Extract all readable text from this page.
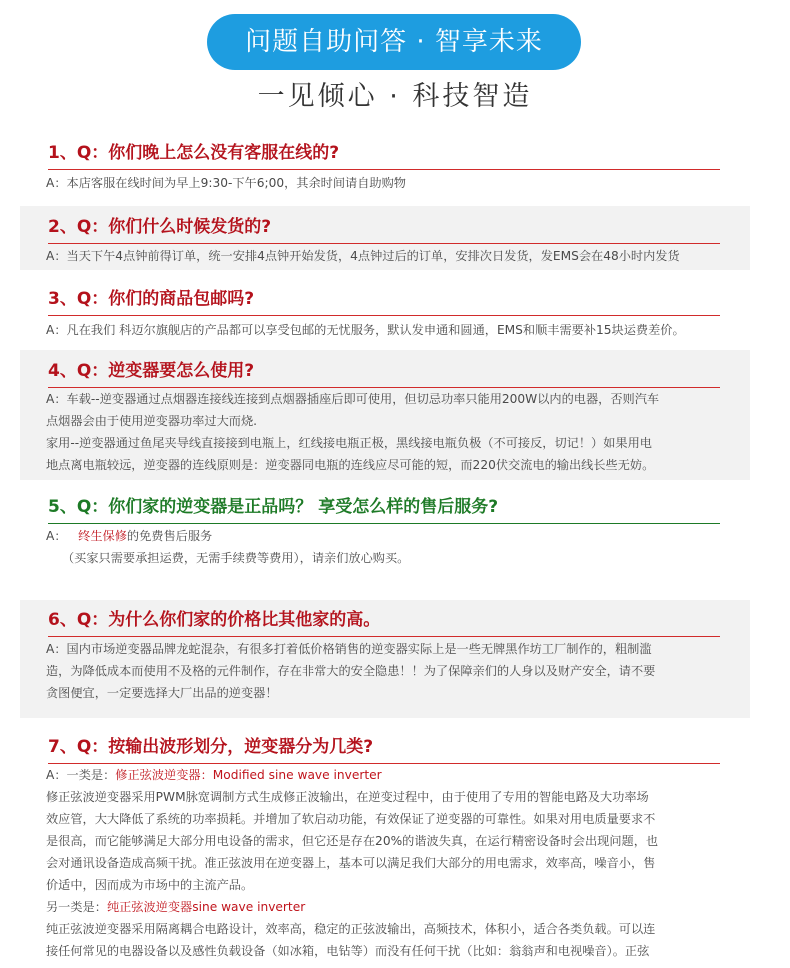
问题自助问答 · 智享未来
一见倾心 · 科技智造
1、Q：你们晚上怎么没有客服在线的?

A：本店客服在线时间为早上9:30-下午6;00，其余时间请自助购物

2、Q：你们什么时候发货的?

A：当天下午4点钟前得订单，统一安排4点钟开始发货，4点钟过后的订单，安排次日发货，发EMS会在48小时内发货

3、Q：你们的商品包邮吗?

A：凡在我们 科迈尔旗舰店的产品都可以享受包邮的无忧服务，默认发申通和圆通，EMS和顺丰需要补15块运费差价。

4、Q：逆变器要怎么使用?

A：车载--逆变器通过点烟器连接线连接到点烟器插座后即可使用，但切忌功率只能用200W以内的电器，否则汽车

点烟器会由于使用逆变器功率过大而烧.

家用--逆变器通过鱼尾夹导线直接接到电瓶上，红线接电瓶正极，黑线接电瓶负极（不可接反，切记！）如果用电

地点离电瓶较远，逆变器的连线原则是：逆变器同电瓶的连线应尽可能的短，而220伏交流电的输出线长些无妨。

5、Q：你们家的逆变器是正品吗？ 享受怎么样的售后服务?

A： 终生保修的免费售后服务

（买家只需要承担运费，无需手续费等费用），请亲们放心购买。

6、Q：为什么你们家的价格比其他家的高。

A：国内市场逆变器品牌龙蛇混杂，有很多打着低价格销售的逆变器实际上是一些无牌黑作坊工厂制作的，粗制滥

造，为降低成本而使用不及格的元件制作，存在非常大的安全隐患！！为了保障亲们的人身以及财产安全，请不要

贪图便宜，一定要选择大厂出品的逆变器！

7、Q：按输出波形划分，逆变器分为几类?

A：一类是：修正弦波逆变器：Modified sine wave inverter

修正弦波逆变器采用PWM脉宽调制方式生成修正波输出，在逆变过程中，由于使用了专用的智能电路及大功率场

效应管，大大降低了系统的功率损耗。并增加了软启动功能，有效保证了逆变器的可靠性。如果对用电质量要求不

是很高，而它能够满足大部分用电设备的需求，但它还是存在20%的谐波失真，在运行精密设备时会出现问题，也

会对通讯设备造成高频干扰。准正弦波用在逆变器上，基本可以满足我们大部分的用电需求，效率高，噪音小，售

价适中，因而成为市场中的主流产品。

另一类是：纯正弦波逆变器sine wave inverter

纯正弦波逆变器采用隔离耦合电路设计，效率高，稳定的正弦波输出，高频技术，体积小，适合各类负载。可以连

接任何常见的电器设备以及感性负载设备（如冰箱，电钻等）而没有任何干扰（比如：翁翁声和电视噪音）。正弦
